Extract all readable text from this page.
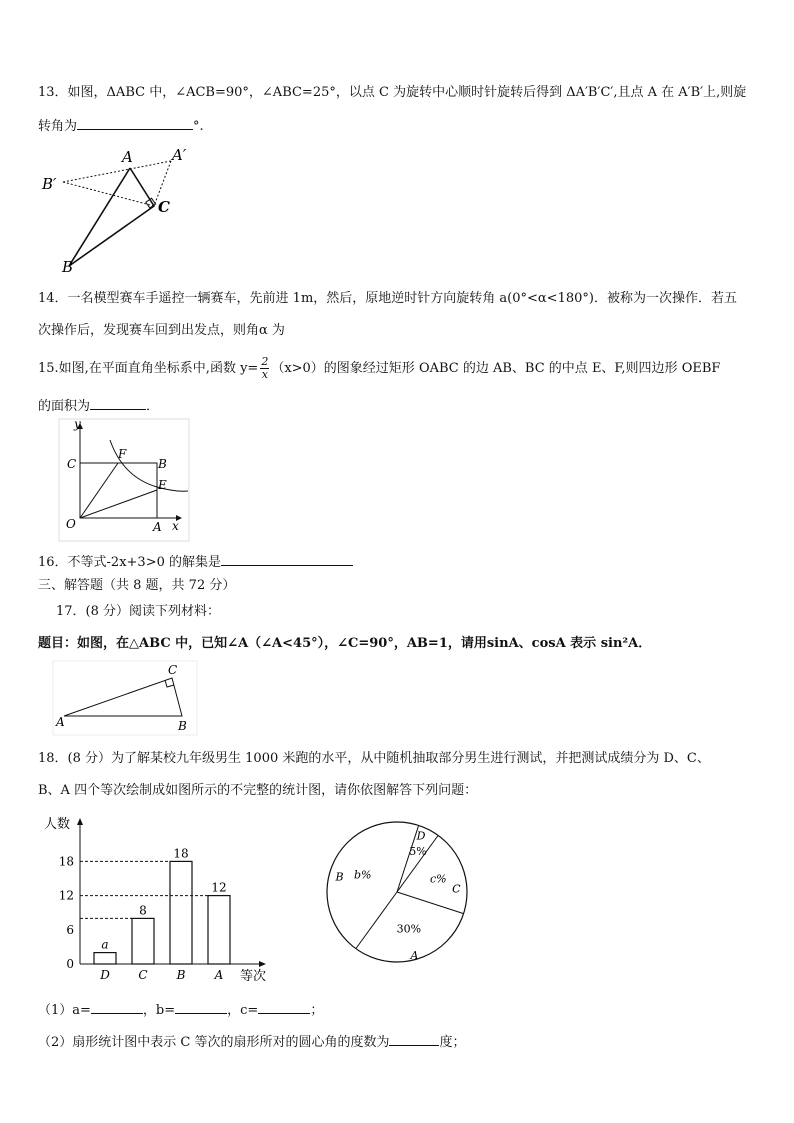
13．如图，ΔABC 中，∠ACB=90°，∠ABC=25°，以点 C 为旋转中心顺时针旋转后得到 ΔA′B′C′,且点 A 在 A′B′上,则旋
转角为	°.
A	A′
B′
C
B
14．一名模型赛车手遥控一辆赛车，先前进 1m，然后，原地逆时针方向旋转角 a(0°<α<180°)．被称为一次操作．若五
次操作后，发现赛车回到出发点，则角α 为
15.如图,在平面直角坐标系中,函数 $y= \frac{2}{x} (x>0)$的图象经过矩形 OABC 的边 AB、BC 的中点 E、F,则四边形 OEBF
的面积为	．
y
x
C
F
B
E
O	A
16．不等式-2x+3>0 的解集是
三、解答题（共 8 题，共 72 分）
17．(8 分）阅读下列材料：
题目：如图，在△ABC 中，已知∠A（∠A<45°），∠C=90°，AB=1，请用sinA、cosA 表示 sin²A．
C
A	B
18．(8 分）为了解某校九年级男生 1000 米跑的水平，从中随机抽取部分男生进行测试，并把测试成绩分为 D、C、
B、A 四个等次绘制成如图所示的不完整的统计图，请你依图解答下列问题：
人数
等次
0
6
12
18
a
D
8
C
18
B
12
A
5%
D
c%
C
30%
A
b%
B
（1）a=	，b=	，c=	；
（2）扇形统计图中表示 C 等次的扇形所对的圆心角的度数为	度；
